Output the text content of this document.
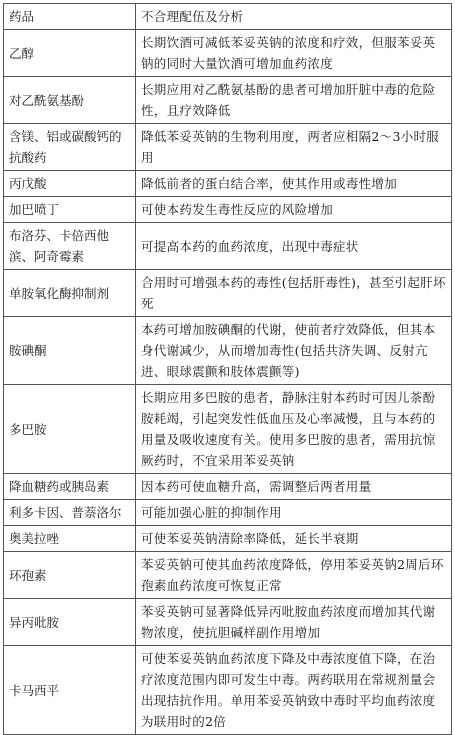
药品	不合理配伍及分析
乙醇	长期饮酒可减低苯妥英钠的浓度和疗效，但服苯妥英钠的同时大量饮酒可增加血药浓度
对乙酰氨基酚	长期应用对乙酰氨基酚的患者可增加肝脏中毒的危险性，且疗效降低
含镁、铝或碳酸钙的抗酸药	降低苯妥英钠的生物利用度，两者应相隔2～3小时服用
丙戊酸	降低前者的蛋白结合率，使其作用或毒性增加
加巴喷丁	可使本药发生毒性反应的风险增加
布洛芬、卡倍西他滨、阿奇霉素	可提高本药的血药浓度，出现中毒症状
单胺氧化酶抑制剂	合用时可增强本药的毒性(包括肝毒性)，甚至引起肝坏死
胺碘酮	本药可增加胺碘酮的代谢，使前者疗效降低，但其本身代谢减少，从而增加毒性(包括共济失调、反射亢进、眼球震颤和肢体震颤等)
多巴胺	长期应用多巴胺的患者，静脉注射本药时可因儿茶酚胺耗竭，引起突发性低血压及心率减慢，且与本药的用量及吸收速度有关。使用多巴胺的患者，需用抗惊厥药时，不宜采用苯妥英钠
降血糖药或胰岛素	因本药可使血糖升高，需调整后两者用量
利多卡因、普萘洛尔	可能加强心脏的抑制作用
奥美拉唑	可使苯妥英钠清除率降低，延长半衰期
环孢素	苯妥英钠可使其血药浓度降低，停用苯妥英钠2周后环孢素血药浓度可恢复正常
异丙吡胺	苯妥英钠可显著降低异丙吡胺血药浓度而增加其代谢物浓度，使抗胆碱样副作用增加
卡马西平	可使苯妥英钠血药浓度下降及中毒浓度值下降，在治疗浓度范围内即可发生中毒。两药联用在常规剂量会出现拮抗作用。单用苯妥英钠致中毒时平均血药浓度为联用时的2倍
